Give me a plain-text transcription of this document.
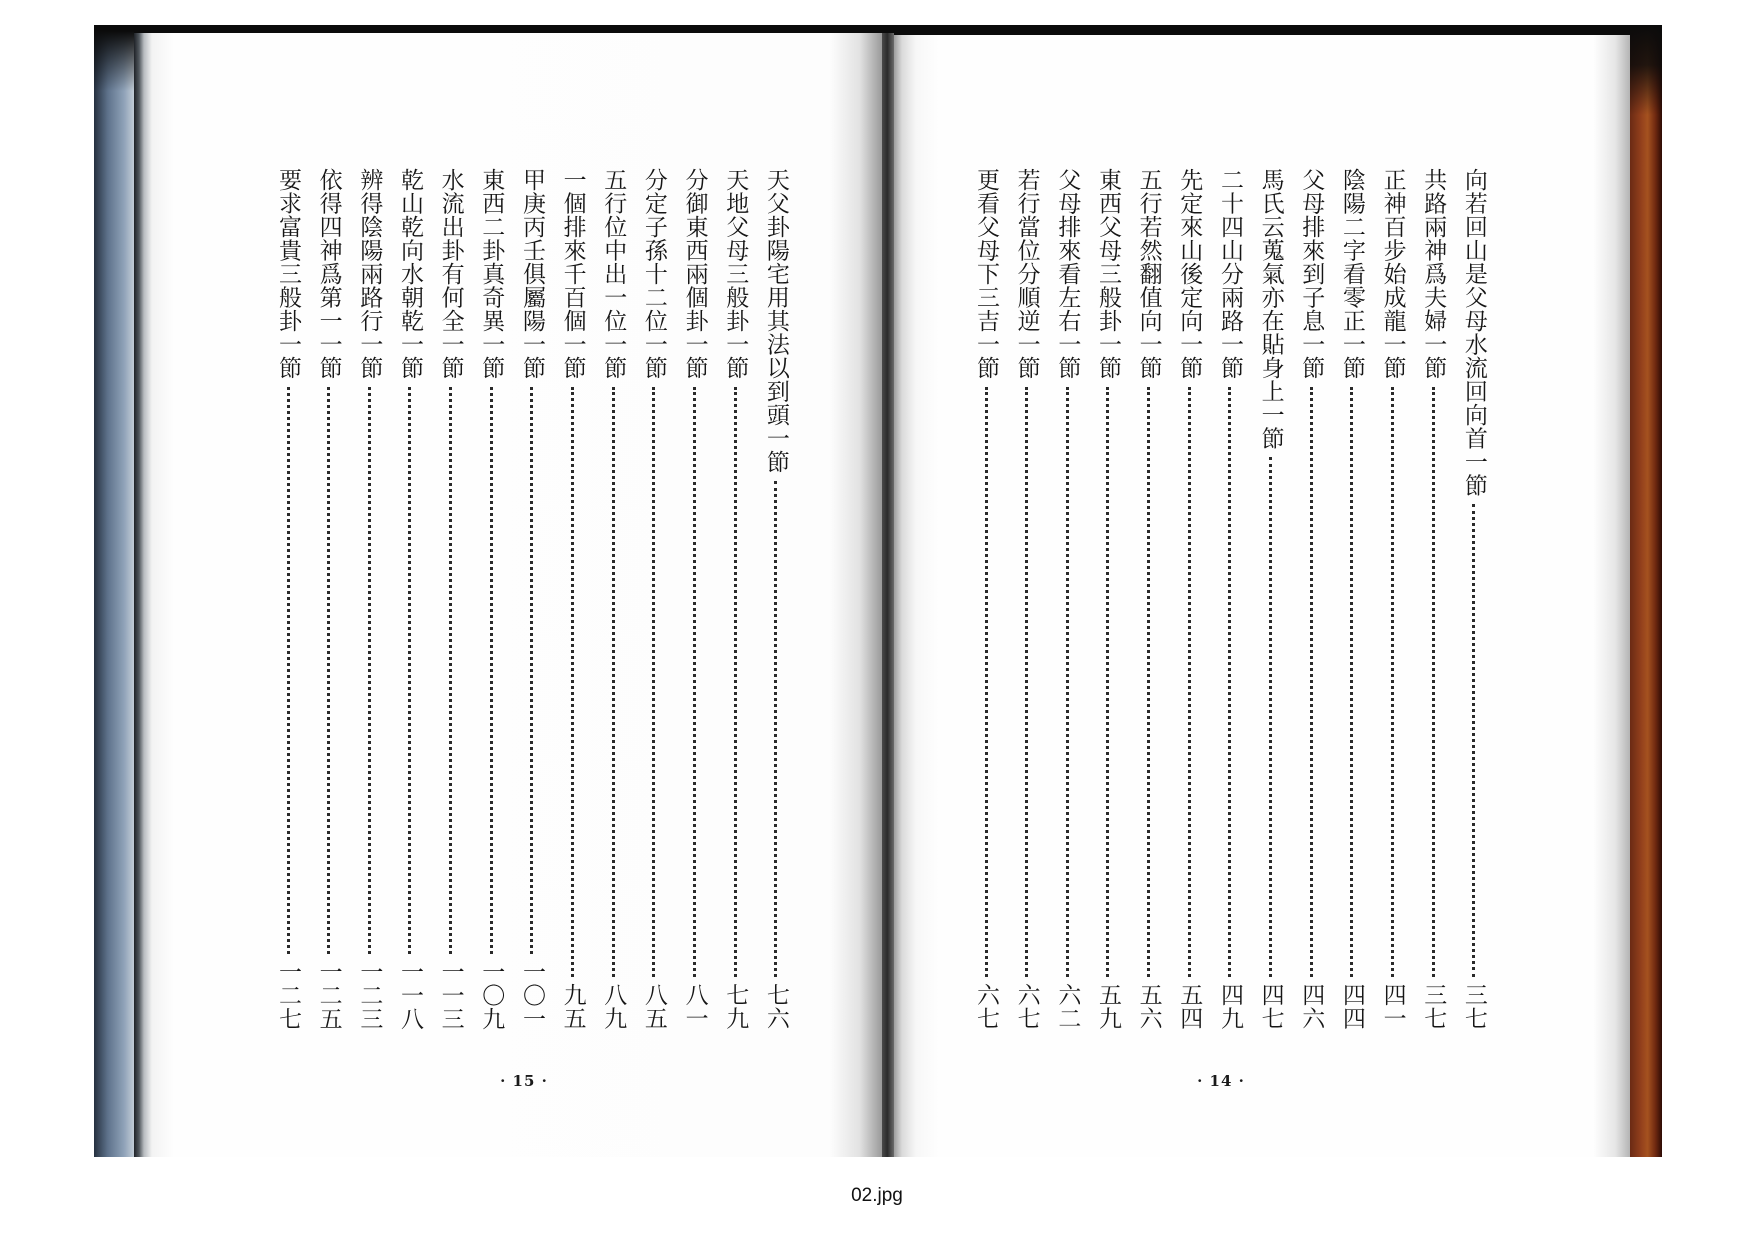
天父卦陽宅用其法以到頭一節
七六
天地父母三般卦一節
七九
分御東西兩個卦一節
八一
分定子孫十二位一節
八五
五行位中出一位一節
八九
一個排來千百個一節
九五
甲庚丙壬俱屬陽一節
一〇一
東西二卦真奇異一節
一〇九
水流出卦有何全一節
一一三
乾山乾向水朝乾一節
一一八
辨得陰陽兩路行一節
一二三
依得四神爲第一一節
一二五
要求富貴三般卦一節
一二七
· 15 ·
向若回山是父母水流回向首一節
三七
共路兩神爲夫婦一節
三七
正神百步始成龍一節
四一
陰陽二字看零正一節
四四
父母排來到子息一節
四六
馬氏云蒐氣亦在貼身上一節
四七
二十四山分兩路一節
四九
先定來山後定向一節
五四
五行若然翻值向一節
五六
東西父母三般卦一節
五九
父母排來看左右一節
六二
若行當位分順逆一節
六七
更看父母下三吉一節
六七
· 14 ·
02.jpg
